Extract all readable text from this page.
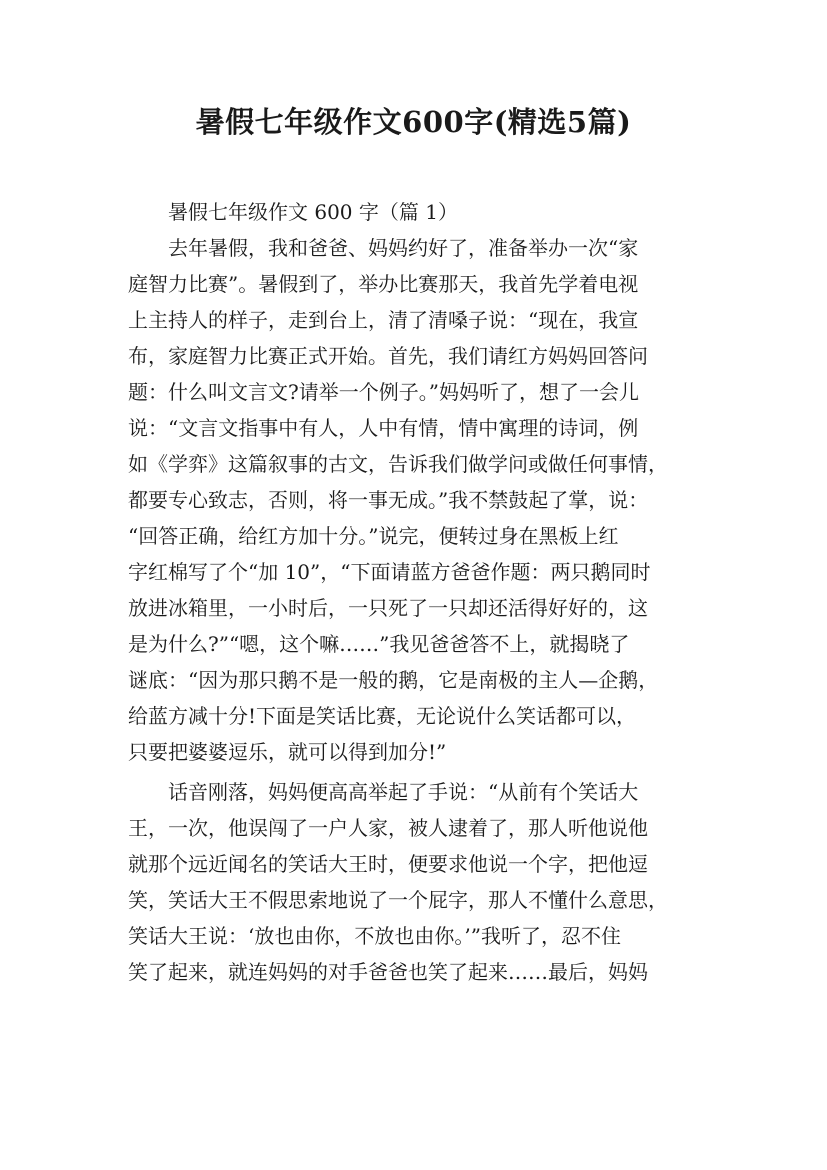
暑假七年级作文600字(精选5篇)
暑假七年级作文 600 字（篇 1）
去年暑假，我和爸爸、妈妈约好了，准备举办一次“家
庭智力比赛”。暑假到了，举办比赛那天，我首先学着电视
上主持人的样子，走到台上，清了清嗓子说：“现在，我宣
布，家庭智力比赛正式开始。首先，我们请红方妈妈回答问
题：什么叫文言文?请举一个例子。”妈妈听了，想了一会儿
说：“文言文指事中有人，人中有情，情中寓理的诗词，例
如《学弈》这篇叙事的古文，告诉我们做学问或做任何事情，
都要专心致志，否则，将一事无成。”我不禁鼓起了掌，说：
“回答正确，给红方加十分。”说完，便转过身在黑板上红
字红棉写了个“加 10”，“下面请蓝方爸爸作题：两只鹅同时
放进冰箱里，一小时后，一只死了一只却还活得好好的，这
是为什么?”“嗯，这个嘛……”我见爸爸答不上，就揭晓了
谜底：“因为那只鹅不是一般的鹅，它是南极的主人—企鹅，
给蓝方减十分!下面是笑话比赛，无论说什么笑话都可以，
只要把婆婆逗乐，就可以得到加分!”
话音刚落，妈妈便高高举起了手说：“从前有个笑话大
王，一次，他误闯了一户人家，被人逮着了，那人听他说他
就那个远近闻名的笑话大王时，便要求他说一个字，把他逗
笑，笑话大王不假思索地说了一个屁字，那人不懂什么意思，
笑话大王说：‘放也由你，不放也由你。’”我听了，忍不住
笑了起来，就连妈妈的对手爸爸也笑了起来……最后，妈妈
